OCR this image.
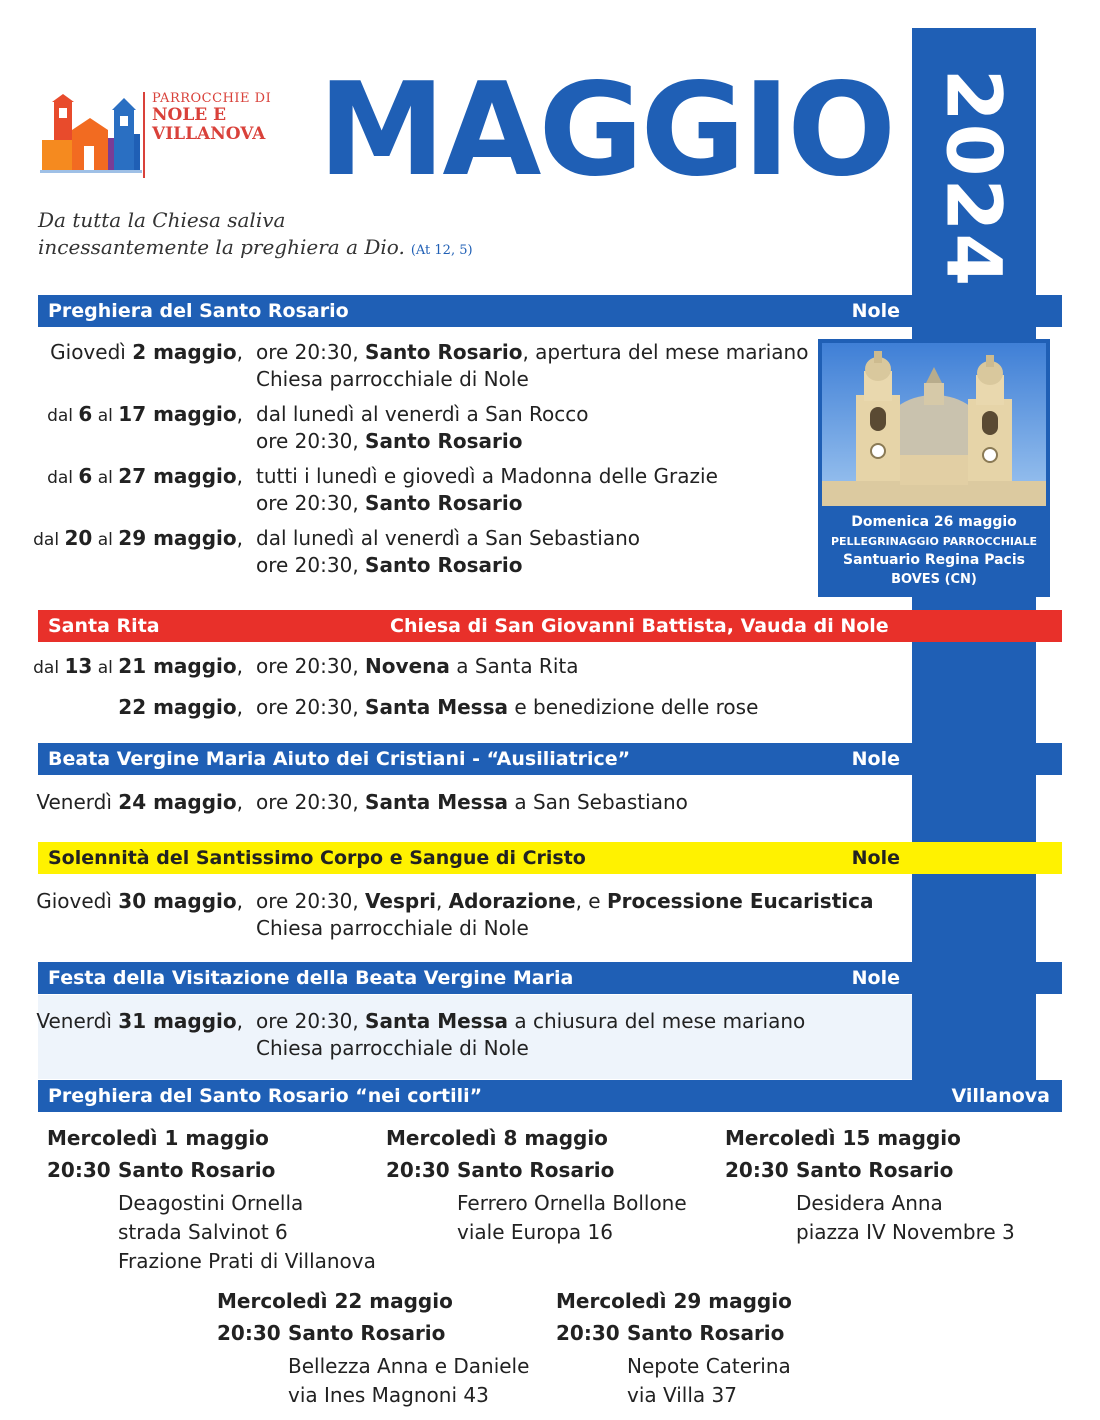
2024
PARROCCHIE DI
NOLE E
VILLANOVA MAGGIO
Da tutta la Chiesa saliva
incessantemente la preghiera a Dio. (At 12, 5)
Preghiera del Santo Rosario	Nole
Giovedì 2 maggio, ore 20:30, Santo Rosario, apertura del mese mariano
Chiesa parrocchiale di Nole
dal 6 al 17 maggio, dal lunedì al venerdì a San Rocco
ore 20:30, Santo Rosario
dal 6 al 27 maggio, tutti i lunedì e giovedì a Madonna delle Grazie
ore 20:30, Santo Rosario
dal 20 al 29 maggio, dal lunedì al venerdì a San Sebastiano
ore 20:30, Santo Rosario
Domenica 26 maggio
PELLEGRINAGGIO PARROCCHIALE
Santuario Regina Pacis
BOVES (CN)
Santa Rita	Chiesa di San Giovanni Battista, Vauda di Nole
dal 13 al 21 maggio, ore 20:30, Novena a Santa Rita
22 maggio, ore 20:30, Santa Messa e benedizione delle rose
Beata Vergine Maria Aiuto dei Cristiani - “Ausiliatrice”	Nole
Venerdì 24 maggio, ore 20:30, Santa Messa a San Sebastiano
Solennità del Santissimo Corpo e Sangue di Cristo	Nole
Giovedì 30 maggio, ore 20:30, Vespri, Adorazione, e Processione Eucaristica
Chiesa parrocchiale di Nole
Festa della Visitazione della Beata Vergine Maria	Nole
Venerdì 31 maggio, ore 20:30, Santa Messa a chiusura del mese mariano
Chiesa parrocchiale di Nole
Preghiera del Santo Rosario “nei cortili”	Villanova
Mercoledì 1 maggio
20:30 Santo Rosario
Deagostini Ornella
strada Salvinot 6
Frazione Prati di Villanova
Mercoledì 8 maggio
20:30 Santo Rosario
Ferrero Ornella Bollone
viale Europa 16
Mercoledì 15 maggio
20:30 Santo Rosario
Desidera Anna
piazza IV Novembre 3
Mercoledì 22 maggio
20:30 Santo Rosario
Bellezza Anna e Daniele
via Ines Magnoni 43
Mercoledì 29 maggio
20:30 Santo Rosario
Nepote Caterina
via Villa 37
